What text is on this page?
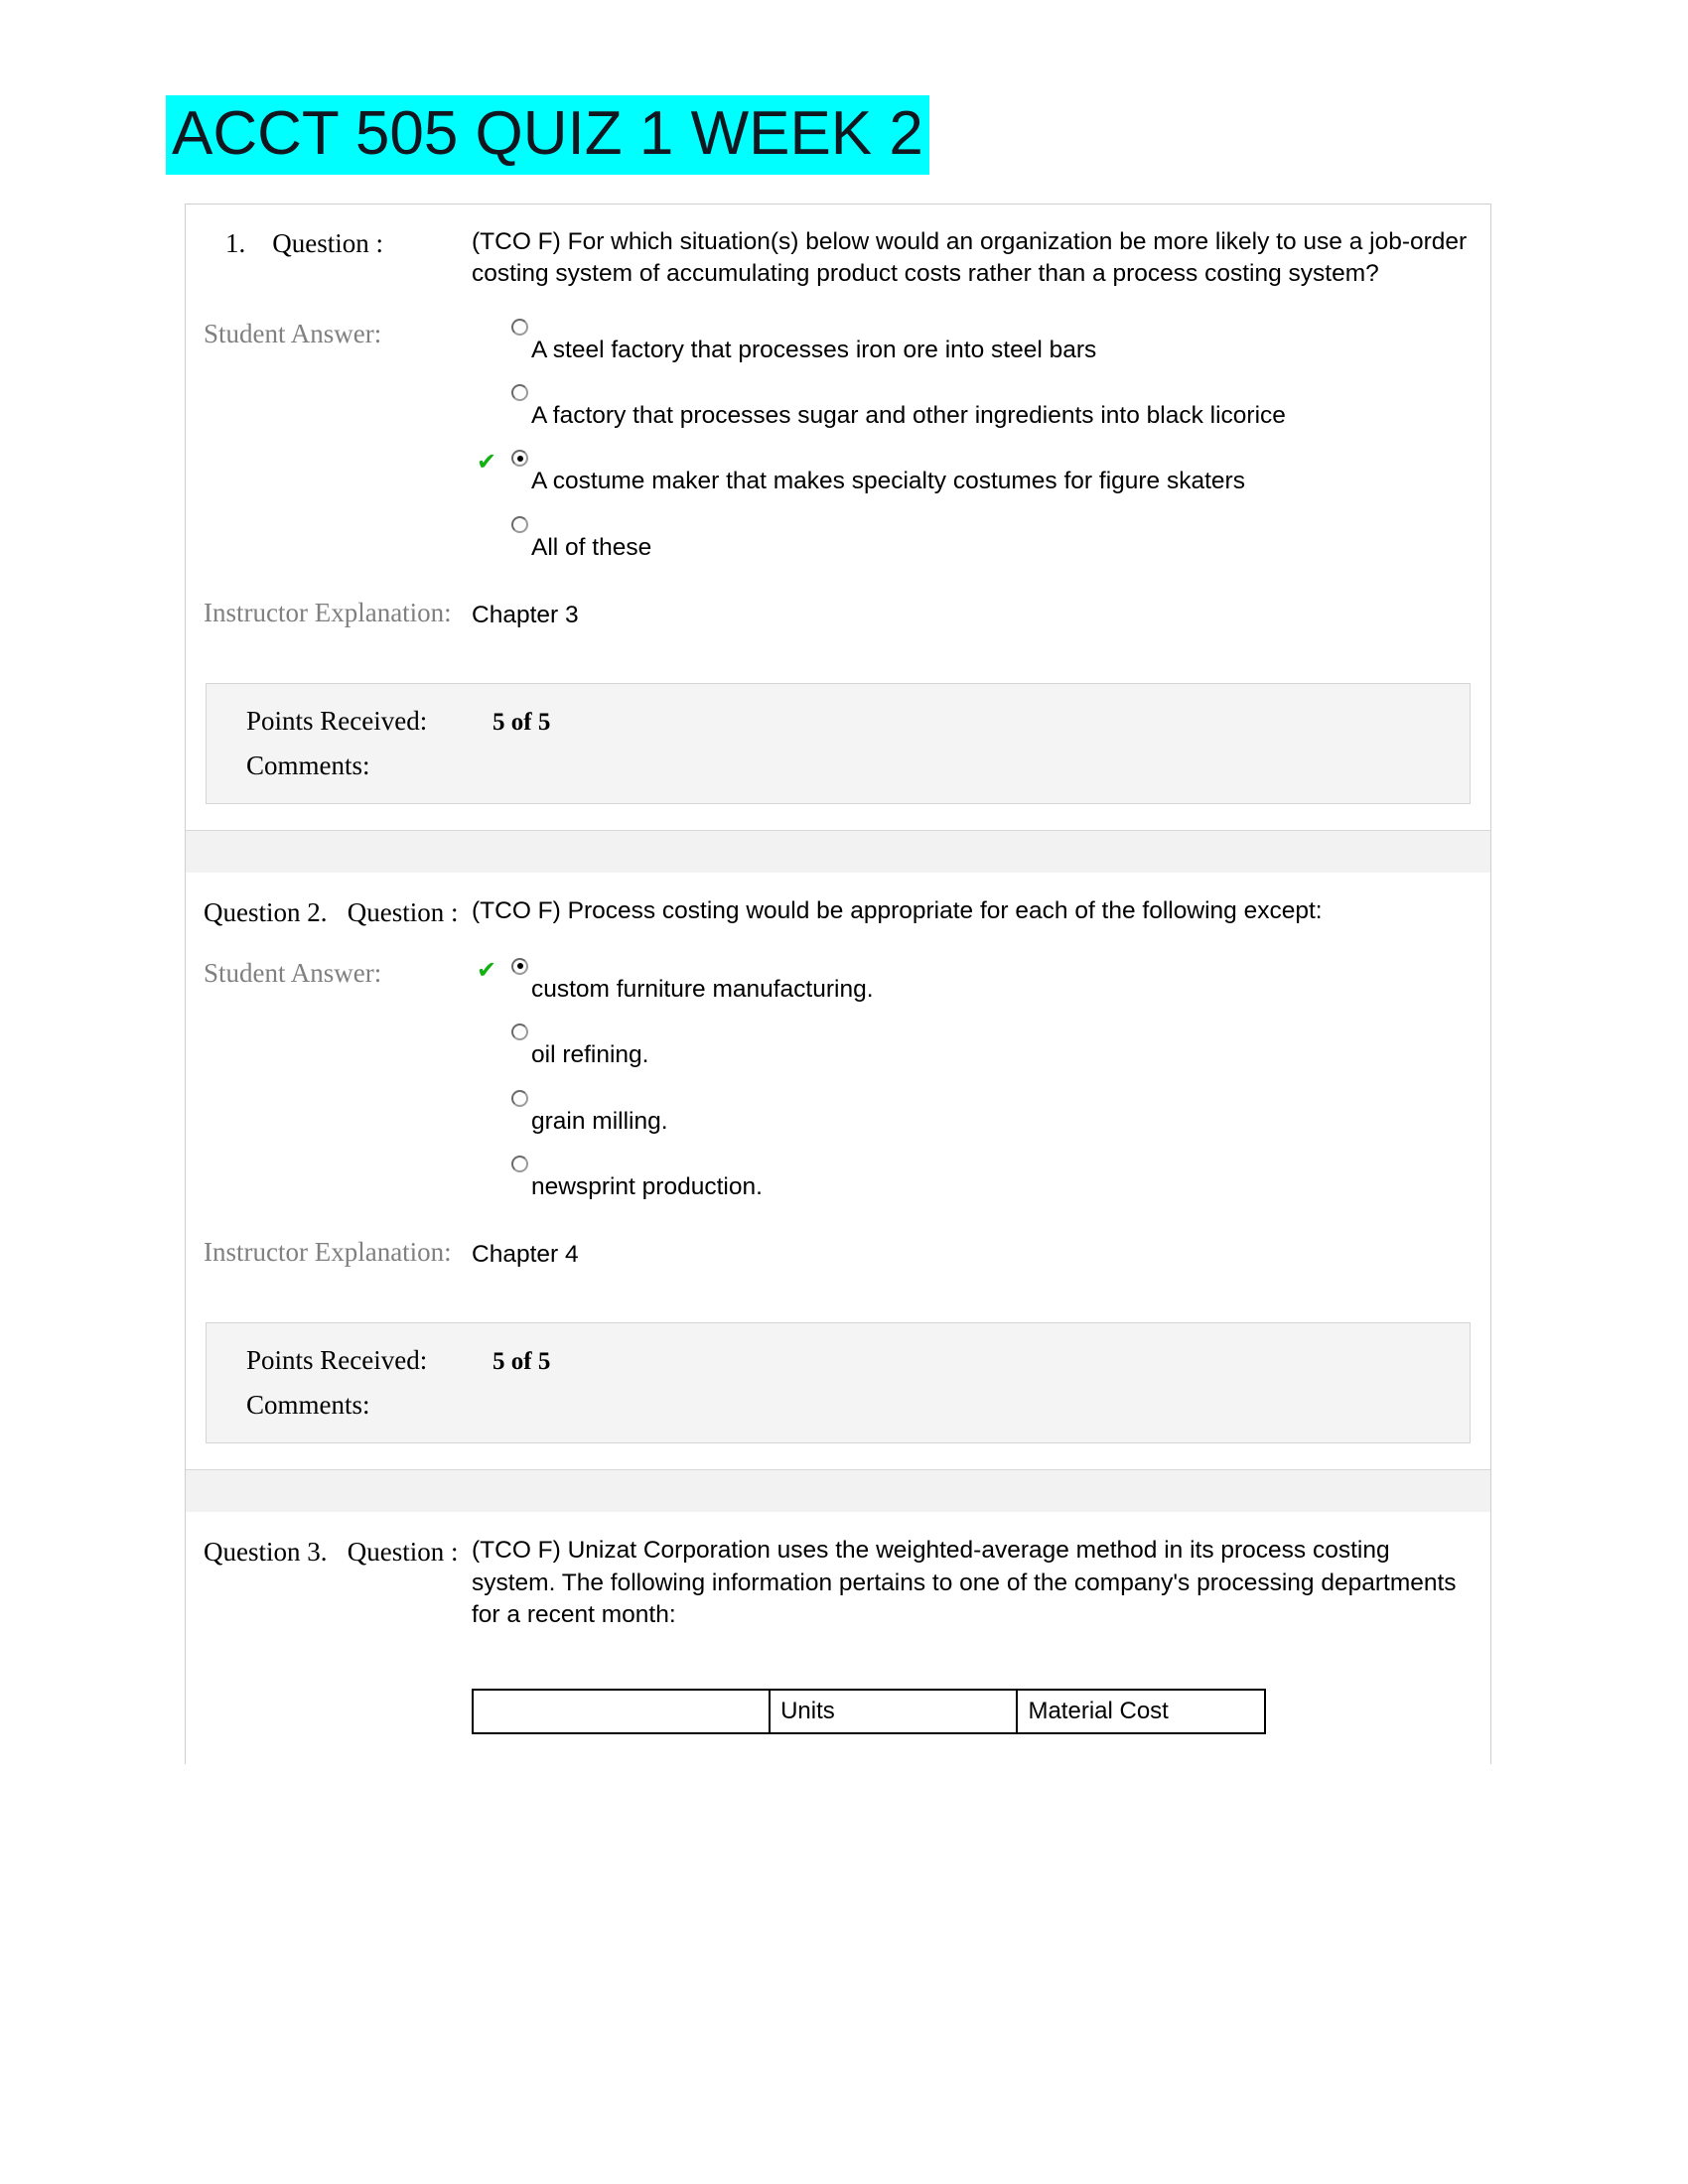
ACCT 505 QUIZ 1 WEEK 2
1. Question :	(TCO F) For which situation(s) below would an organization be more likely to use a job-order costing system of accumulating product costs rather than a process costing system?
Student Answer:
A steel factory that processes iron ore into steel bars
A factory that processes sugar and other ingredients into black licorice
✔
A costume maker that makes specialty costumes for figure skaters
All of these
Instructor Explanation: Chapter 3
Points Received:	5 of 5
Comments:
Question 2. Question : (TCO F) Process costing would be appropriate for each of the following except:
Student Answer:	✔
custom furniture manufacturing.
oil refining.
grain milling.
newsprint production.
Instructor Explanation: Chapter 4
Points Received:	5 of 5
Comments:
Question 3. Question : (TCO F) Unizat Corporation uses the weighted-average method in its process costing system. The following information pertains to one of the company's processing departments for a recent month:
	Units	Material Cost
